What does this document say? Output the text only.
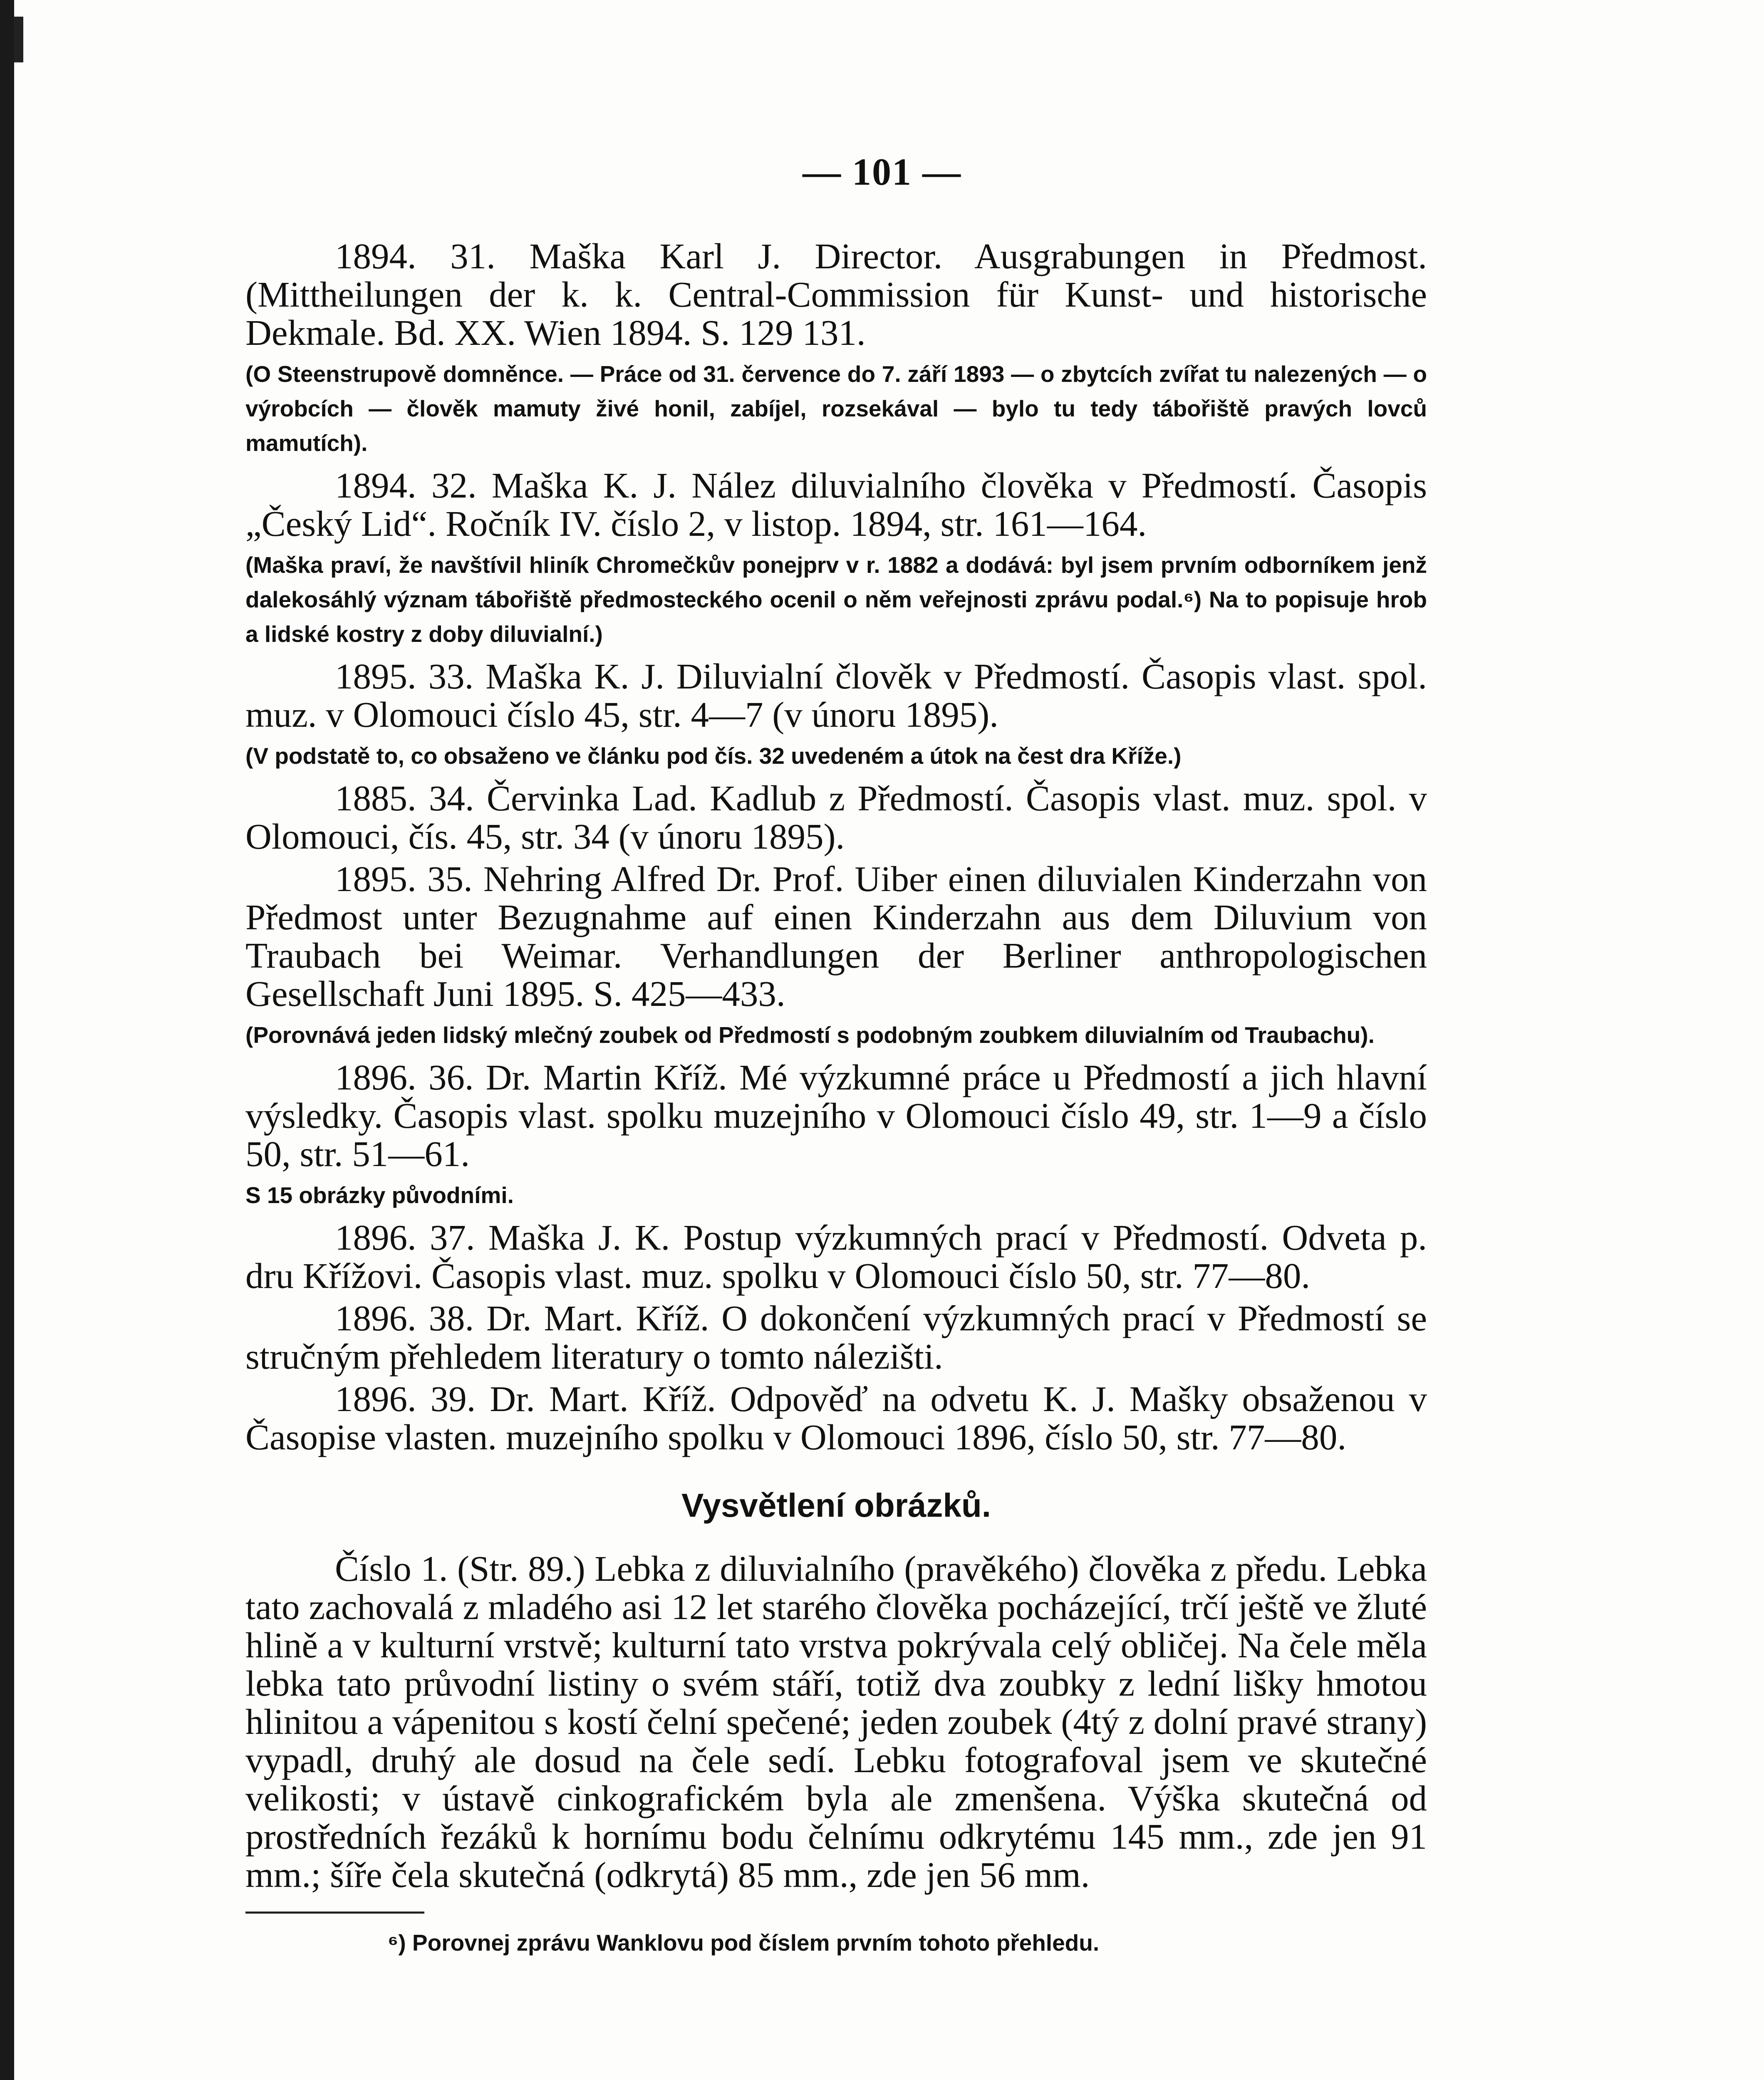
— 101 —

1894. 31. Maška Karl J. Director. Ausgrabungen in Předmost. (Mittheilungen der k. k. Central-Commission für Kunst- und historische Dekmale. Bd. XX. Wien 1894. S. 129 131.

(O Steenstrupově domněnce. — Práce od 31. července do 7. září 1893 — o zbytcích zvířat tu nalezených — o výrobcích — člověk mamuty živé honil, zabíjel, rozsekával — bylo tu tedy tábořiště pravých lovců mamutích).

1894. 32. Maška K. J. Nález diluvialního člověka v Předmostí. Časopis „Český Lid“. Ročník IV. číslo 2, v listop. 1894, str. 161—164.

(Maška praví, že navštívil hliník Chromečkův ponejprv v r. 1882 a dodává: byl jsem prvním odborníkem jenž dalekosáhlý význam tábořiště předmosteckého ocenil o něm veřejnosti zprávu podal.⁶) Na to popisuje hrob a lidské kostry z doby diluvialní.)

1895. 33. Maška K. J. Diluvialní člověk v Předmostí. Časopis vlast. spol. muz. v Olomouci číslo 45, str. 4—7 (v únoru 1895).

(V podstatě to, co obsaženo ve článku pod čís. 32 uvedeném a útok na čest dra Kříže.)

1885. 34. Červinka Lad. Kadlub z Předmostí. Časopis vlast. muz. spol. v Olomouci, čís. 45, str. 34 (v únoru 1895).

1895. 35. Nehring Alfred Dr. Prof. Uiber einen diluvialen Kinderzahn von Předmost unter Bezugnahme auf einen Kinderzahn aus dem Diluvium von Traubach bei Weimar. Verhandlungen der Berliner anthropologischen Gesellschaft Juni 1895. S. 425—433.

(Porovnává jeden lidský mlečný zoubek od Předmostí s podobným zoubkem diluvialním od Traubachu).

1896. 36. Dr. Martin Kříž. Mé výzkumné práce u Předmostí a jich hlavní výsledky. Časopis vlast. spolku muzejního v Olomouci číslo 49, str. 1—9 a číslo 50, str. 51—61.

S 15 obrázky původními.

1896. 37. Maška J. K. Postup výzkumných prací v Předmostí. Odveta p. dru Křížovi. Časopis vlast. muz. spolku v Olomouci číslo 50, str. 77—80.

1896. 38. Dr. Mart. Kříž. O dokončení výzkumných prací v Předmostí se stručným přehledem literatury o tomto nálezišti.

1896. 39. Dr. Mart. Kříž. Odpověď na odvetu K. J. Mašky obsaženou v Časopise vlasten. muzejního spolku v Olomouci 1896, číslo 50, str. 77—80.

Vysvětlení obrázků.

Číslo 1. (Str. 89.) Lebka z diluvialního (pravěkého) člověka z předu. Lebka tato zachovalá z mladého asi 12 let starého člověka pocházející, trčí ještě ve žluté hlině a v kulturní vrstvě; kulturní tato vrstva pokrývala celý obličej. Na čele měla lebka tato průvodní listiny o svém stáří, totiž dva zoubky z lední lišky hmotou hlinitou a vápenitou s kostí čelní spečené; jeden zoubek (4tý z dolní pravé strany) vypadl, druhý ale dosud na čele sedí. Lebku fotografoval jsem ve skutečné velikosti; v ústavě cinkografickém byla ale zmenšena. Výška skutečná od prostředních řezáků k hornímu bodu čelnímu odkrytému 145 mm., zde jen 91 mm.; šíře čela skutečná (odkrytá) 85 mm., zde jen 56 mm.

⁶) Porovnej zprávu Wanklovu pod číslem prvním tohoto přehledu.
